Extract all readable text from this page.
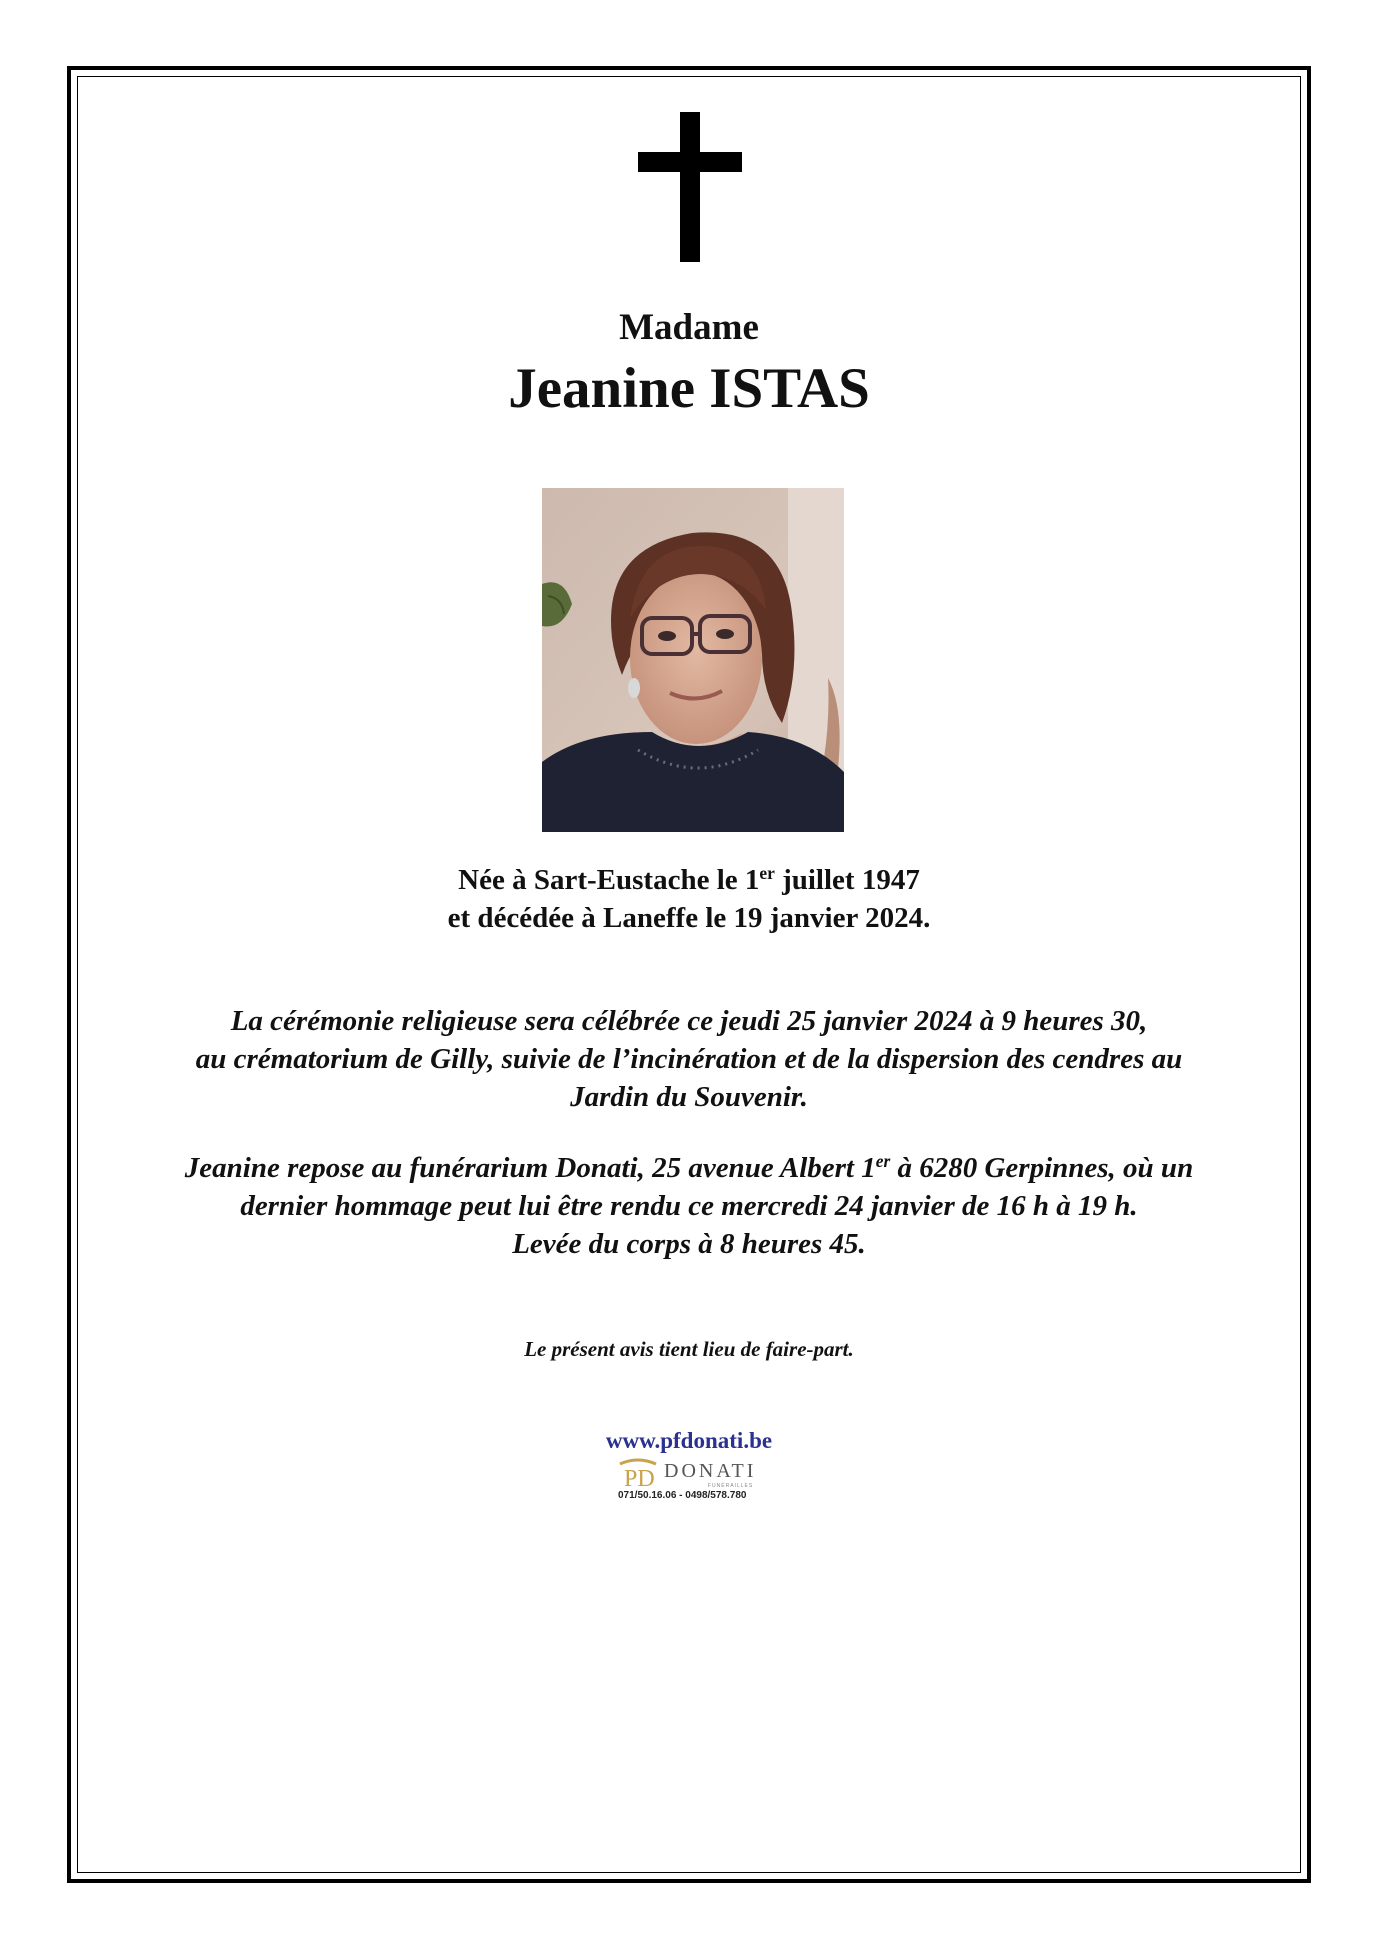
Madame
Jeanine ISTAS
Née à Sart-Eustache le 1er juillet 1947
et décédée à Laneffe le 19 janvier 2024.
La cérémonie religieuse sera célébrée ce jeudi 25 janvier 2024 à 9 heures 30,
au crématorium de Gilly, suivie de l’incinération et de la dispersion des cendres au
Jardin du Souvenir.
Jeanine repose au funérarium Donati, 25 avenue Albert 1er à 6280 Gerpinnes, où un
dernier hommage peut lui être rendu ce mercredi 24 janvier de 16 h à 19 h.
Levée du corps à 8 heures 45.
Le présent avis tient lieu de faire-part.
www.pfdonati.be
PD DONATI
FUNÉRAILLES
071/50.16.06 - 0498/578.780
